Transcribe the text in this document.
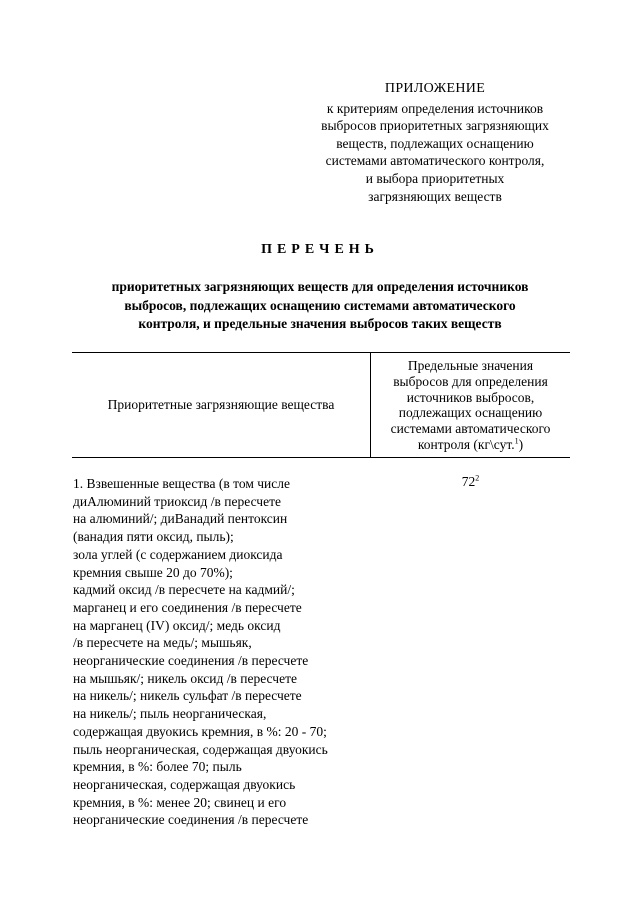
ПРИЛОЖЕНИЕ
к критериям определения источников
выбросов приоритетных загрязняющих
веществ, подлежащих оснащению
системами автоматического контроля,
и выбора приоритетных
загрязняющих веществ
ПЕРЕЧЕНЬ
приоритетных загрязняющих веществ для определения источников
выбросов, подлежащих оснащению системами автоматического
контроля, и предельные значения выбросов таких веществ
Приоритетные загрязняющие вещества
Предельные значения
выбросов для определения
источников выбросов,
подлежащих оснащению
системами автоматического
контроля (кг\сут.$^1$)
1. Взвешенные вещества (в том числе
диАлюминий триоксид /в пересчете
на алюминий/; диВанадий пентоксин
(ванадия пяти оксид, пыль);
зола углей (с содержанием диоксида
кремния свыше 20 до 70%);
кадмий оксид /в пересчете на кадмий/;
марганец и его соединения /в пересчете
на марганец (IV) оксид/; медь оксид
/в пересчете на медь/; мышьяк,
неорганические соединения /в пересчете
на мышьяк/; никель оксид /в пересчете
на никель/; никель сульфат /в пересчете
на никель/; пыль неорганическая,
содержащая двуокись кремния, в %: 20 - 70;
пыль неорганическая, содержащая двуокись
кремния, в %: более 70; пыль
неорганическая, содержащая двуокись
кремния, в %: менее 20; свинец и его
неорганические соединения /в пересчете
$72^2$
